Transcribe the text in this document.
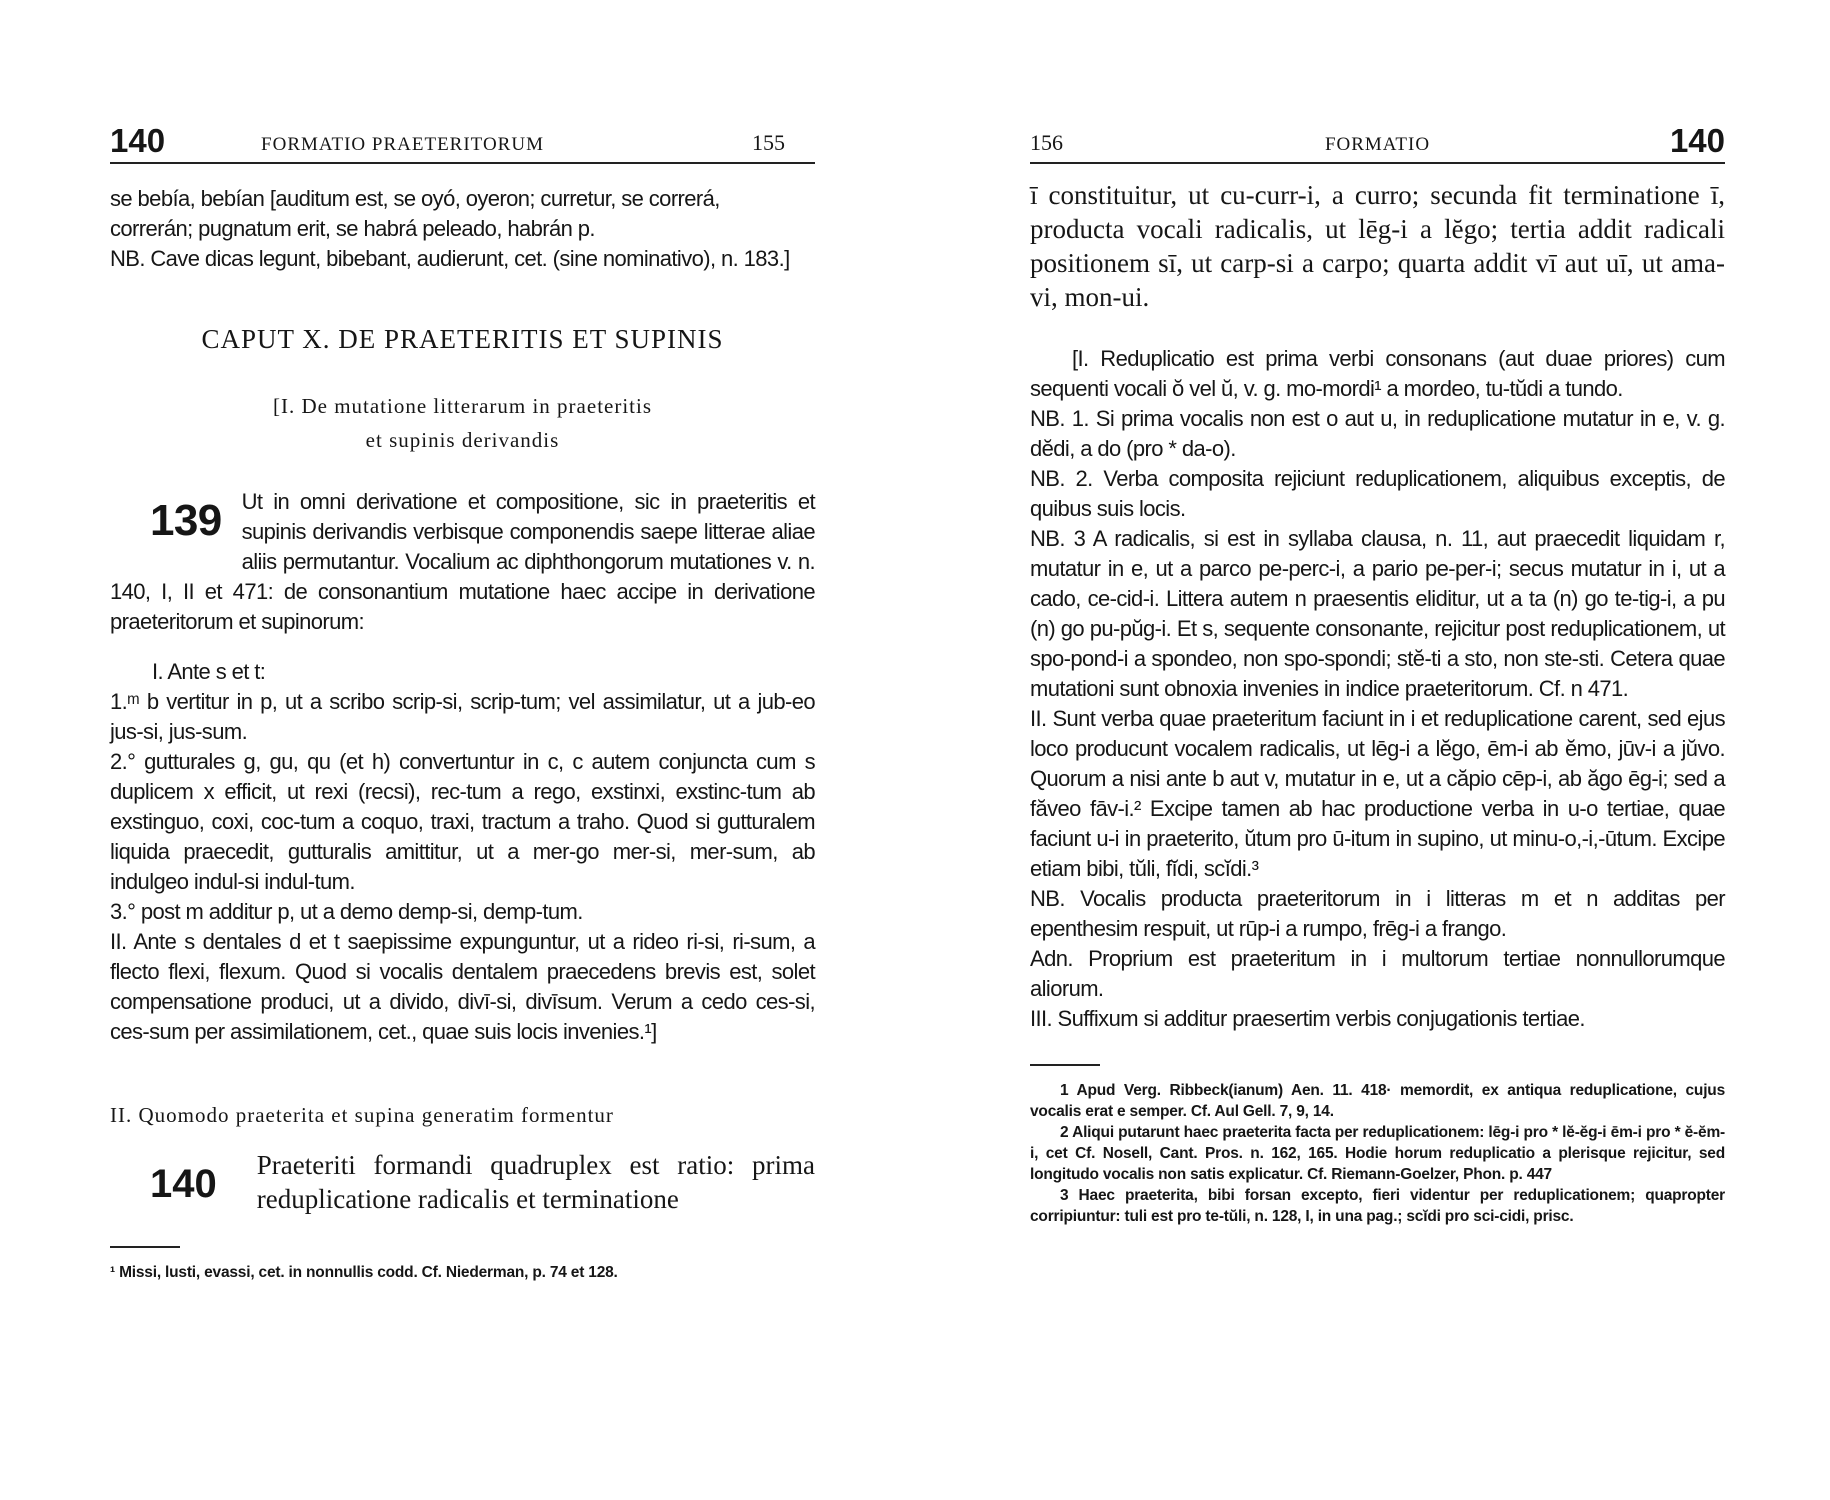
140	FORMATIO PRAETERITORUM	155

se bebía, bebían [auditum est, se oyó, oyeron; curretur, se correrá,

correrán; pugnatum erit, se habrá peleado, habrán p.

NB. Cave dicas legunt, bibebant, audierunt, cet. (sine nominativo), n. 183.]

CAPUT X. DE PRAETERITIS ET SUPINIS
[I. De mutatione litterarum in praeteritis
et supinis derivandis
139 Ut in omni derivatione et compositione, sic in praeteritis et supinis derivandis verbisque componendis saepe litterae aliae aliis permutantur. Vocalium ac diphthongorum mutationes v. n. 140, I, II et 471: de consonantium mutatione haec accipe in derivatione praeteritorum et supinorum:

I. Ante s et t:

1.ᵐ b vertitur in p, ut a scribo scrip-si, scrip-tum; vel assimilatur, ut a jub-eo jus-si, jus-sum.

2.° gutturales g, gu, qu (et h) convertuntur in c, c autem conjuncta cum s duplicem x efficit, ut rexi (recsi), rec-tum a rego, exstinxi, exstinc-tum ab exstinguo, coxi, coc-tum a coquo, traxi, tractum a traho. Quod si gutturalem liquida praecedit, gutturalis amittitur, ut a mer-go mer-si, mer-sum, ab indulgeo indul-si indul-tum.

3.° post m additur p, ut a demo demp-si, demp-tum.

II. Ante s dentales d et t saepissime expunguntur, ut a rideo ri-si, ri-sum, a flecto flexi, flexum. Quod si vocalis dentalem praecedens brevis est, solet compensatione produci, ut a divido, divī-si, divīsum. Verum a cedo ces-si, ces-sum per assimilationem, cet., quae suis locis invenies.¹]

II. Quomodo praeterita et supina generatim formentur
140	Praeteriti formandi quadruplex est ratio: prima reduplicatione radicalis et terminatione

¹ Missi, lusti, evassi, cet. in nonnullis codd. Cf. Niederman, p. 74 et 128.

156	FORMATIO	140

ī constituitur, ut cu-curr-i, a curro; secunda fit terminatione ī, producta vocali radicalis, ut lēg-i a lĕgo; tertia addit radicali positionem sī, ut carp-si a carpo; quarta addit vī aut uī, ut ama-vi, mon-ui.

[I. Reduplicatio est prima verbi consonans (aut duae priores) cum sequenti vocali ŏ vel ŭ, v. g. mo-mordi¹ a mordeo, tu-tŭdi a tundo.

NB. 1. Si prima vocalis non est o aut u, in reduplicatione mutatur in e, v. g. dĕdi, a do (pro * da-o).

NB. 2. Verba composita rejiciunt reduplicationem, aliquibus exceptis, de quibus suis locis.

NB. 3 A radicalis, si est in syllaba clausa, n. 11, aut praecedit liquidam r, mutatur in e, ut a parco pe-perc-i, a pario pe-per-i; secus mutatur in i, ut a cado, ce-cid-i. Littera autem n praesentis eliditur, ut a ta (n) go te-tig-i, a pu (n) go pu-pŭg-i. Et s, sequente consonante, rejicitur post reduplicationem, ut spo-pond-i a spondeo, non spo-spondi; stĕ-ti a sto, non ste-sti. Cetera quae mutationi sunt obnoxia invenies in indice praeteritorum. Cf. n 471.

II. Sunt verba quae praeteritum faciunt in i et reduplicatione carent, sed ejus loco producunt vocalem radicalis, ut lēg-i a lĕgo, ēm-i ab ĕmo, jūv-i a jŭvo. Quorum a nisi ante b aut v, mutatur in e, ut a căpio cēp-i, ab ăgo ēg-i; sed a făveo fāv-i.² Excipe tamen ab hac productione verba in u-o tertiae, quae faciunt u-i in praeterito, ŭtum pro ū-itum in supino, ut minu-o,-i,-ūtum. Excipe etiam bibi, tŭli, fĭdi, scĭdi.³

NB. Vocalis producta praeteritorum in i litteras m et n additas per epenthesim respuit, ut rūp-i a rumpo, frēg-i a frango.

Adn. Proprium est praeteritum in i multorum tertiae nonnullorumque aliorum.

III. Suffixum si additur praesertim verbis conjugationis tertiae.

1 Apud Verg. Ribbeck(ianum) Aen. 11. 418· memordit, ex antiqua reduplicatione, cujus vocalis erat e semper. Cf. Aul Gell. 7, 9, 14.

2 Aliqui putarunt haec praeterita facta per reduplicationem: lēg-i pro * lĕ-ĕg-i ēm-i pro * ĕ-ĕm-i, cet Cf. Nosell, Cant. Pros. n. 162, 165. Hodie horum reduplicatio a plerisque rejicitur, sed longitudo vocalis non satis explicatur. Cf. Riemann-Goelzer, Phon. p. 447

3 Haec praeterita, bibi forsan excepto, fieri videntur per reduplicationem; quapropter corripiuntur: tuli est pro te-tŭli, n. 128, I, in una pag.; scĭdi pro sci-cidi, prisc.
